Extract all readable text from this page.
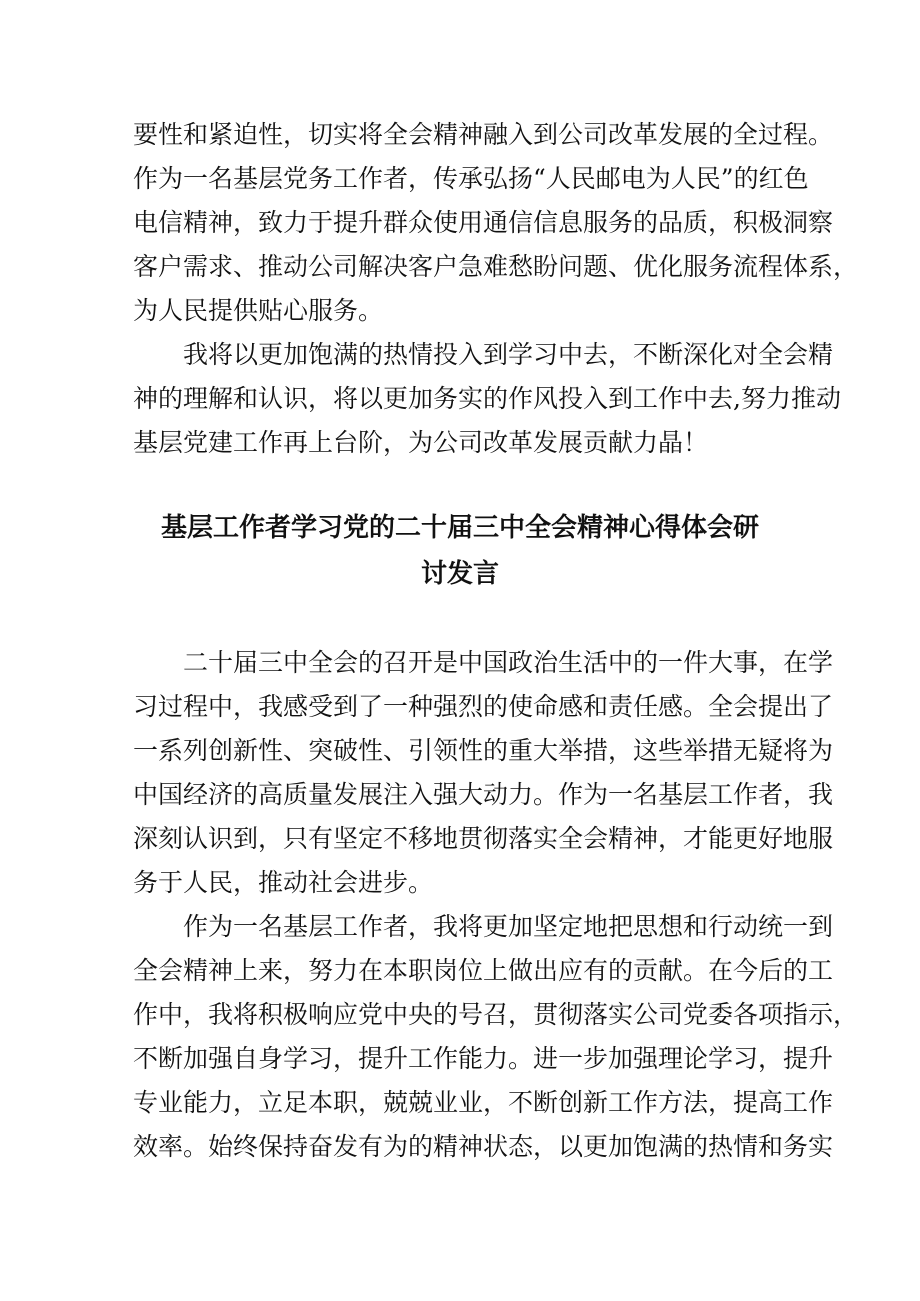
要性和紧迫性，切实将全会精神融入到公司改革发展的全过程。
作为一名基层党务工作者，传承弘扬“人民邮电为人民”的红色
电信精神，致力于提升群众使用通信信息服务的品质，积极洞察
客户需求、推动公司解决客户急难愁盼问题、优化服务流程体系，
为人民提供贴心服务。
我将以更加饱满的热情投入到学习中去，不断深化对全会精
神的理解和认识，将以更加务实的作风投入到工作中去,努力推动
基层党建工作再上台阶，为公司改革发展贡献力晶！
基层工作者学习党的二十届三中全会精神心得体会研
讨发言
二十届三中全会的召开是中国政治生活中的一件大事，在学
习过程中，我感受到了一种强烈的使命感和责任感。全会提出了
一系列创新性、突破性、引领性的重大举措，这些举措无疑将为
中国经济的高质量发展注入强大动力。作为一名基层工作者，我
深刻认识到，只有坚定不移地贯彻落实全会精神，才能更好地服
务于人民，推动社会进步。
作为一名基层工作者，我将更加坚定地把思想和行动统一到
全会精神上来，努力在本职岗位上做出应有的贡献。在今后的工
作中，我将积极响应党中央的号召，贯彻落实公司党委各项指示，
不断加强自身学习，提升工作能力。进一步加强理论学习，提升
专业能力，立足本职，兢兢业业，不断创新工作方法，提高工作
效率。始终保持奋发有为的精神状态，以更加饱满的热情和务实
